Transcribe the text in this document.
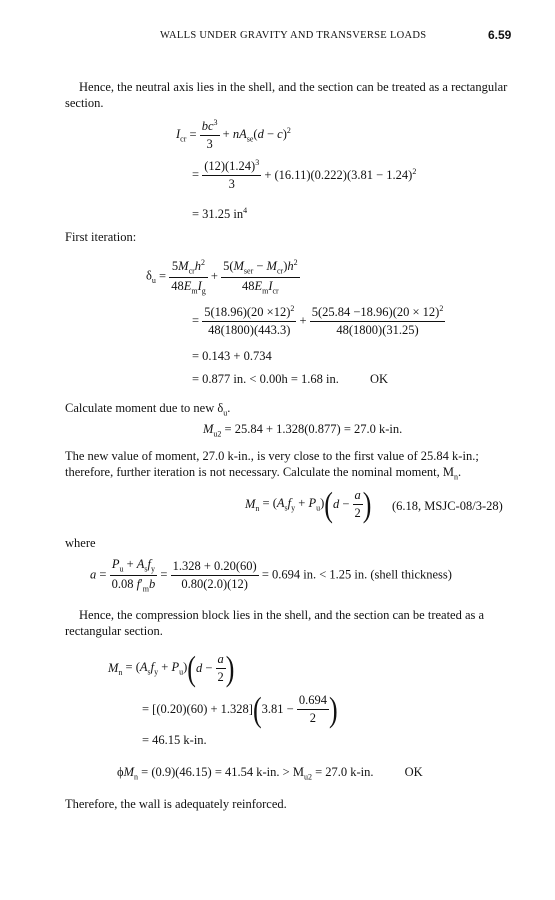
WALLS UNDER GRAVITY AND TRANSVERSE LOADS	6.59
Hence, the neutral axis lies in the shell, and the section can be treated as a rectangular section.
$I_{cr} = \frac{bc^3}{3} + nA_{se}(d - c)^2$
= $\frac{(12)(1.24)^3}{3} + (16.11)(0.222)(3.81 - 1.24)^2$
= 31.25 $in^4$
First iteration:
$\delta_u = \frac{5M_{cr}h^2}{48E_mI_g} + \frac{5(M_{ser} - M_{cr})h^2}{48E_mI_{cr}}$
= $\frac{5(18.96)(20 \times 12)^2}{48(1800)(443.3)} + \frac{5(25.84 -18.96)(20 \times 12)^2}{48(1800)(31.25)}$
= 0.143 + 0.734
= 0.877 in. < 0.00h = 1.68 in. OK
Calculate moment due to new $\delta_u$.
$M_{u2} = 25.84 + 1.328(0.877) = 27.0$ k-in.
The new value of moment, 27.0 k-in., is very close to the first value of 25.84 k-in.; therefore, further iteration is not necessary. Calculate the nominal moment, $M_n$.
$M_n = (A_sf_y + P_u)(d - \frac{a}{2}$ ) (6.18, MSJC-08/3-28)
where
$a = \frac{P_u + A_sf_y}{0.08 f'_mb} = \frac{1.328 + 0.20(60)}{0.80(2.0)(12)} = 0.694$ in. < 1.25 in. (shell thickness)
Hence, the compression block lies in the shell, and the section can be treated as a rectangular section.
$M_n = (A_sf_y + P_u)(d - \frac{a}{2}$ )
= $[(0.20)(60) + 1.328](3.81 - \frac{0.694}{2}$ )
= 46.15 k-in.
$\phi M_n = (0.9)(46.15) = 41.54$ k-in. > $M_{u2} = 27.0$ k-in. OK
Therefore, the wall is adequately reinforced.
